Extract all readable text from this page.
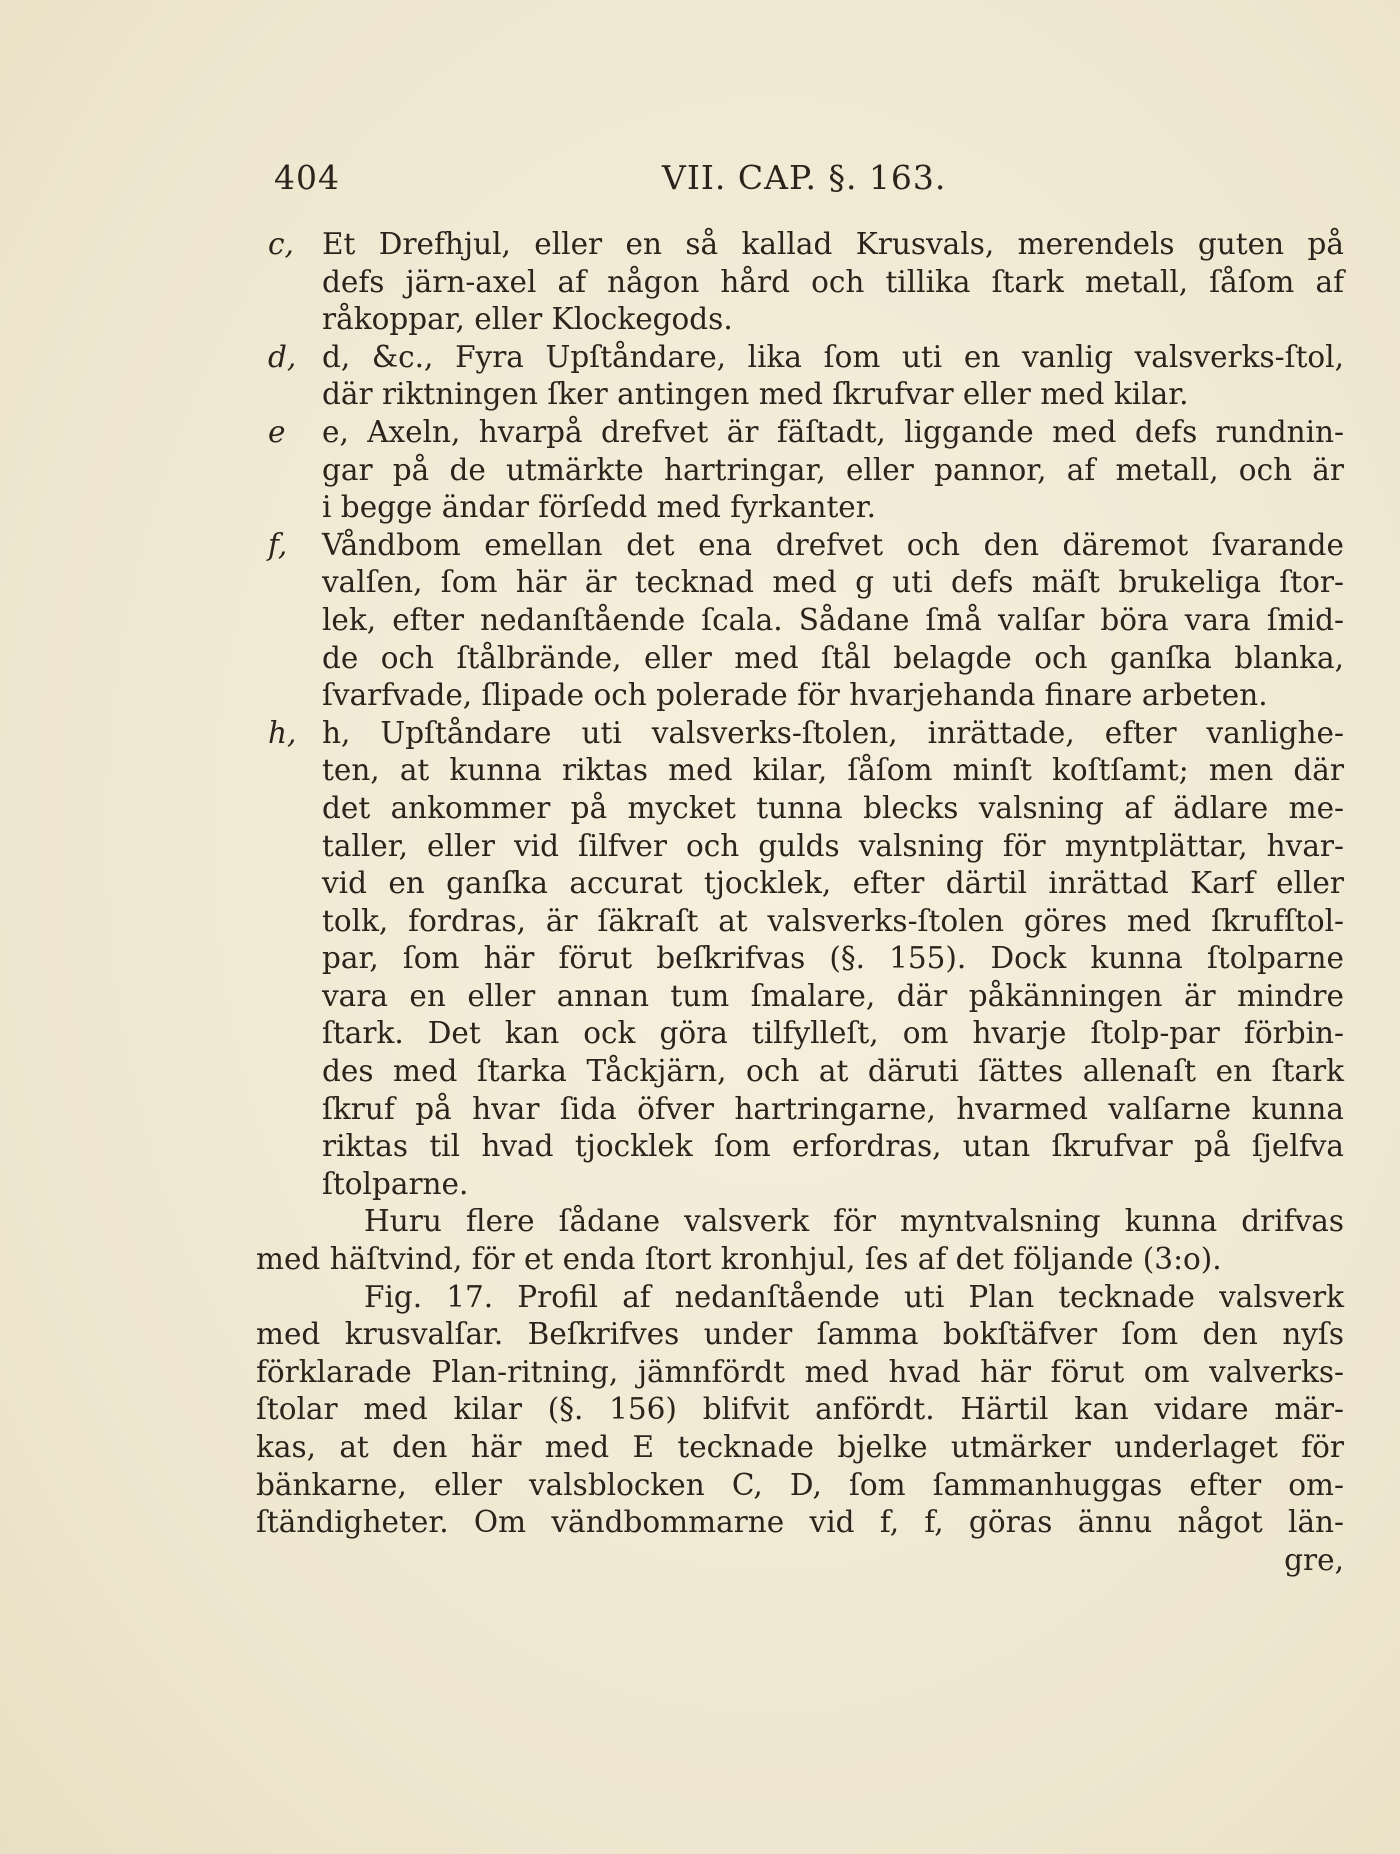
404	VII. CAP. §. 163.
c, Et Drefhjul, eller en så kallad Krusvals, merendels guten på
defs järn-axel af någon hård och tillika ſtark metall, ſåſom af
råkoppar, eller Klockegods.
d, d, &c., Fyra Upſtåndare, lika ſom uti en vanlig valsverks-ſtol,
där riktningen ſker antingen med ſkrufvar eller med kilar.
e e, Axeln, hvarpå drefvet är fäſtadt, liggande med defs rundnin-
gar på de utmärkte hartringar, eller pannor, af metall, och är
i begge ändar förſedd med fyrkanter.
f, Våndbom emellan det ena drefvet och den däremot ſvarande
valſen, ſom här är tecknad med g uti defs mäſt brukeliga ſtor-
lek, efter nedanſtående ſcala. Sådane ſmå valſar böra vara ſmid-
de och ſtålbrände, eller med ſtål belagde och ganſka blanka,
ſvarfvade, ſlipade och polerade för hvarjehanda finare arbeten.
h, h, Upſtåndare uti valsverks-ſtolen, inrättade, efter vanlighe-
ten, at kunna riktas med kilar, ſåſom minſt koſtſamt; men där
det ankommer på mycket tunna blecks valsning af ädlare me-
taller, eller vid ſilfver och gulds valsning för myntplättar, hvar-
vid en ganſka accurat tjocklek, efter därtil inrättad Karf eller
tolk, fordras, är ſäkraſt at valsverks-ſtolen göres med ſkrufſtol-
par, ſom här förut beſkrifvas (§. 155). Dock kunna ſtolparne
vara en eller annan tum ſmalare, där påkänningen är mindre
ſtark. Det kan ock göra tilfylleſt, om hvarje ſtolp-par förbin-
des med ſtarka Tåckjärn, och at däruti ſättes allenaſt en ſtark
ſkruf på hvar ſida öfver hartringarne, hvarmed valſarne kunna
riktas til hvad tjocklek ſom erfordras, utan ſkrufvar på ſjelfva
ſtolparne.
Huru flere ſådane valsverk för myntvalsning kunna drifvas
med häſtvind, för et enda ſtort kronhjul, ſes af det följande (3:o).
Fig. 17. Profil af nedanſtående uti Plan tecknade valsverk
med krusvalſar. Beſkrifves under ſamma bokſtäfver ſom den nyſs
förklarade Plan-ritning, jämnfördt med hvad här förut om valverks-
ſtolar med kilar (§. 156) blifvit anfördt. Härtil kan vidare mär-
kas, at den här med E tecknade bjelke utmärker underlaget för
bänkarne, eller valsblocken C, D, ſom ſammanhuggas efter om-
ſtändigheter. Om vändbommarne vid f, f, göras ännu något län-
gre,
